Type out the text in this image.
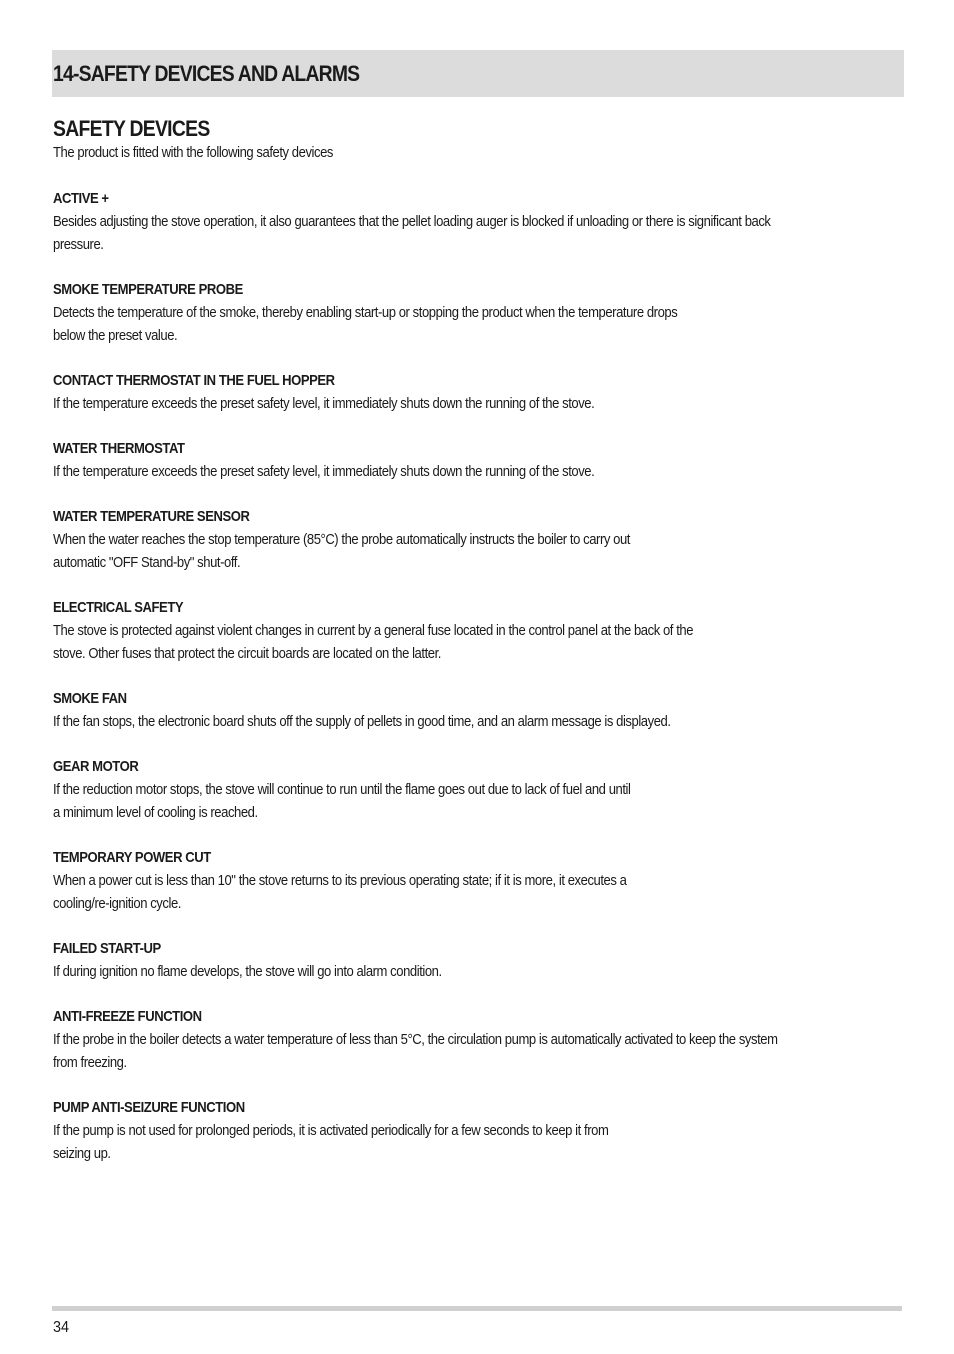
14-SAFETY DEVICES AND ALARMS
SAFETY DEVICES
The product is fitted with the following safety devices
ACTIVE +
Besides adjusting the stove operation, it also guarantees that the pellet loading auger is blocked if unloading or there is significant back
pressure.
SMOKE TEMPERATURE PROBE
Detects the temperature of the smoke, thereby enabling start-up or stopping the product when the temperature drops
below the preset value.
CONTACT THERMOSTAT IN THE FUEL HOPPER
If the temperature exceeds the preset safety level, it immediately shuts down the running of the stove.
WATER THERMOSTAT
If the temperature exceeds the preset safety level, it immediately shuts down the running of the stove.
WATER TEMPERATURE SENSOR
When the water reaches the stop temperature (85°C) the probe automatically instructs the boiler to carry out
automatic "OFF Stand-by" shut-off.
ELECTRICAL SAFETY
The stove is protected against violent changes in current by a general fuse located in the control panel at the back of the
stove. Other fuses that protect the circuit boards are located on the latter.
SMOKE FAN
If the fan stops, the electronic board shuts off the supply of pellets in good time, and an alarm message is displayed.
GEAR MOTOR
If the reduction motor stops, the stove will continue to run until the flame goes out due to lack of fuel and until
a minimum level of cooling is reached.
TEMPORARY POWER CUT
When a power cut is less than 10" the stove returns to its previous operating state; if it is more, it executes a
cooling/re-ignition cycle.
FAILED START-UP
If during ignition no flame develops, the stove will go into alarm condition.
ANTI-FREEZE FUNCTION
If the probe in the boiler detects a water temperature of less than 5°C, the circulation pump is automatically activated to keep the system
from freezing.
PUMP ANTI-SEIZURE FUNCTION
If the pump is not used for prolonged periods, it is activated periodically for a few seconds to keep it from
seizing up.
34
